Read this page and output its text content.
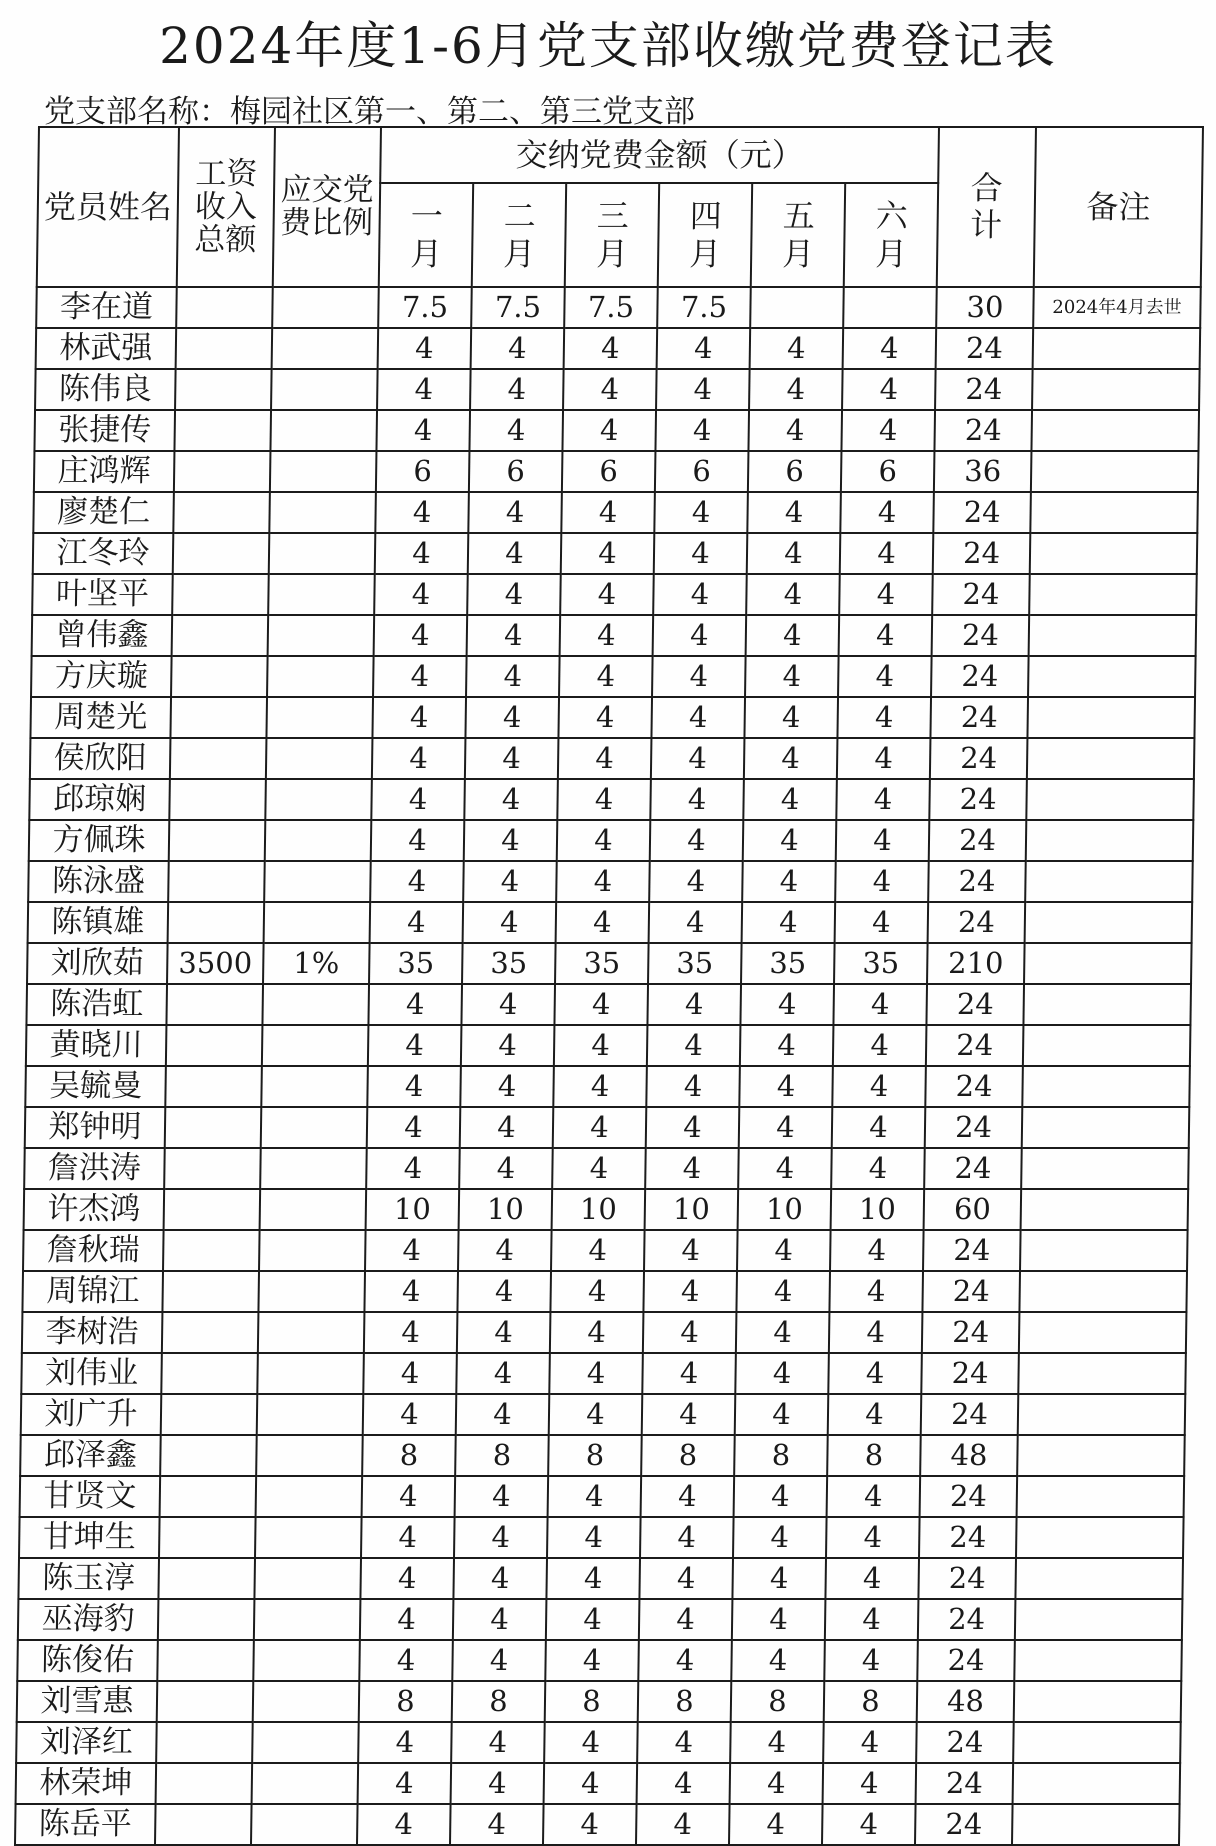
2024年度1-6月党支部收缴党费登记表
党支部名称：梅园社区第一、第二、第三党支部
党员姓名	工资收入总额	应交党费比例	交纳党费金额（元）						合计	备注
			一月	二月	三月	四月	五月	六月		
李在道			7.5	7.5	7.5	7.5			30	2024年4月去世
林武强			4	4	4	4	4	4	24	
陈伟良			4	4	4	4	4	4	24	
张捷传			4	4	4	4	4	4	24	
庄鸿辉			6	6	6	6	6	6	36	
廖楚仁			4	4	4	4	4	4	24	
江冬玲			4	4	4	4	4	4	24	
叶坚平			4	4	4	4	4	4	24	
曾伟鑫			4	4	4	4	4	4	24	
方庆璇			4	4	4	4	4	4	24	
周楚光			4	4	4	4	4	4	24	
侯欣阳			4	4	4	4	4	4	24	
邱琼娴			4	4	4	4	4	4	24	
方佩珠			4	4	4	4	4	4	24	
陈泳盛			4	4	4	4	4	4	24	
陈镇雄			4	4	4	4	4	4	24	
刘欣茹	3500	1%	35	35	35	35	35	35	210	
陈浩虹			4	4	4	4	4	4	24	
黄晓川			4	4	4	4	4	4	24	
吴毓曼			4	4	4	4	4	4	24	
郑钟明			4	4	4	4	4	4	24	
詹洪涛			4	4	4	4	4	4	24	
许杰鸿			10	10	10	10	10	10	60	
詹秋瑞			4	4	4	4	4	4	24	
周锦江			4	4	4	4	4	4	24	
李树浩			4	4	4	4	4	4	24	
刘伟业			4	4	4	4	4	4	24	
刘广升			4	4	4	4	4	4	24	
邱泽鑫			8	8	8	8	8	8	48	
甘贤文			4	4	4	4	4	4	24	
甘坤生			4	4	4	4	4	4	24	
陈玉淳			4	4	4	4	4	4	24	
巫海豹			4	4	4	4	4	4	24	
陈俊佑			4	4	4	4	4	4	24	
刘雪惠			8	8	8	8	8	8	48	
刘泽红			4	4	4	4	4	4	24	
林荣坤			4	4	4	4	4	4	24	
陈岳平			4	4	4	4	4	4	24	
